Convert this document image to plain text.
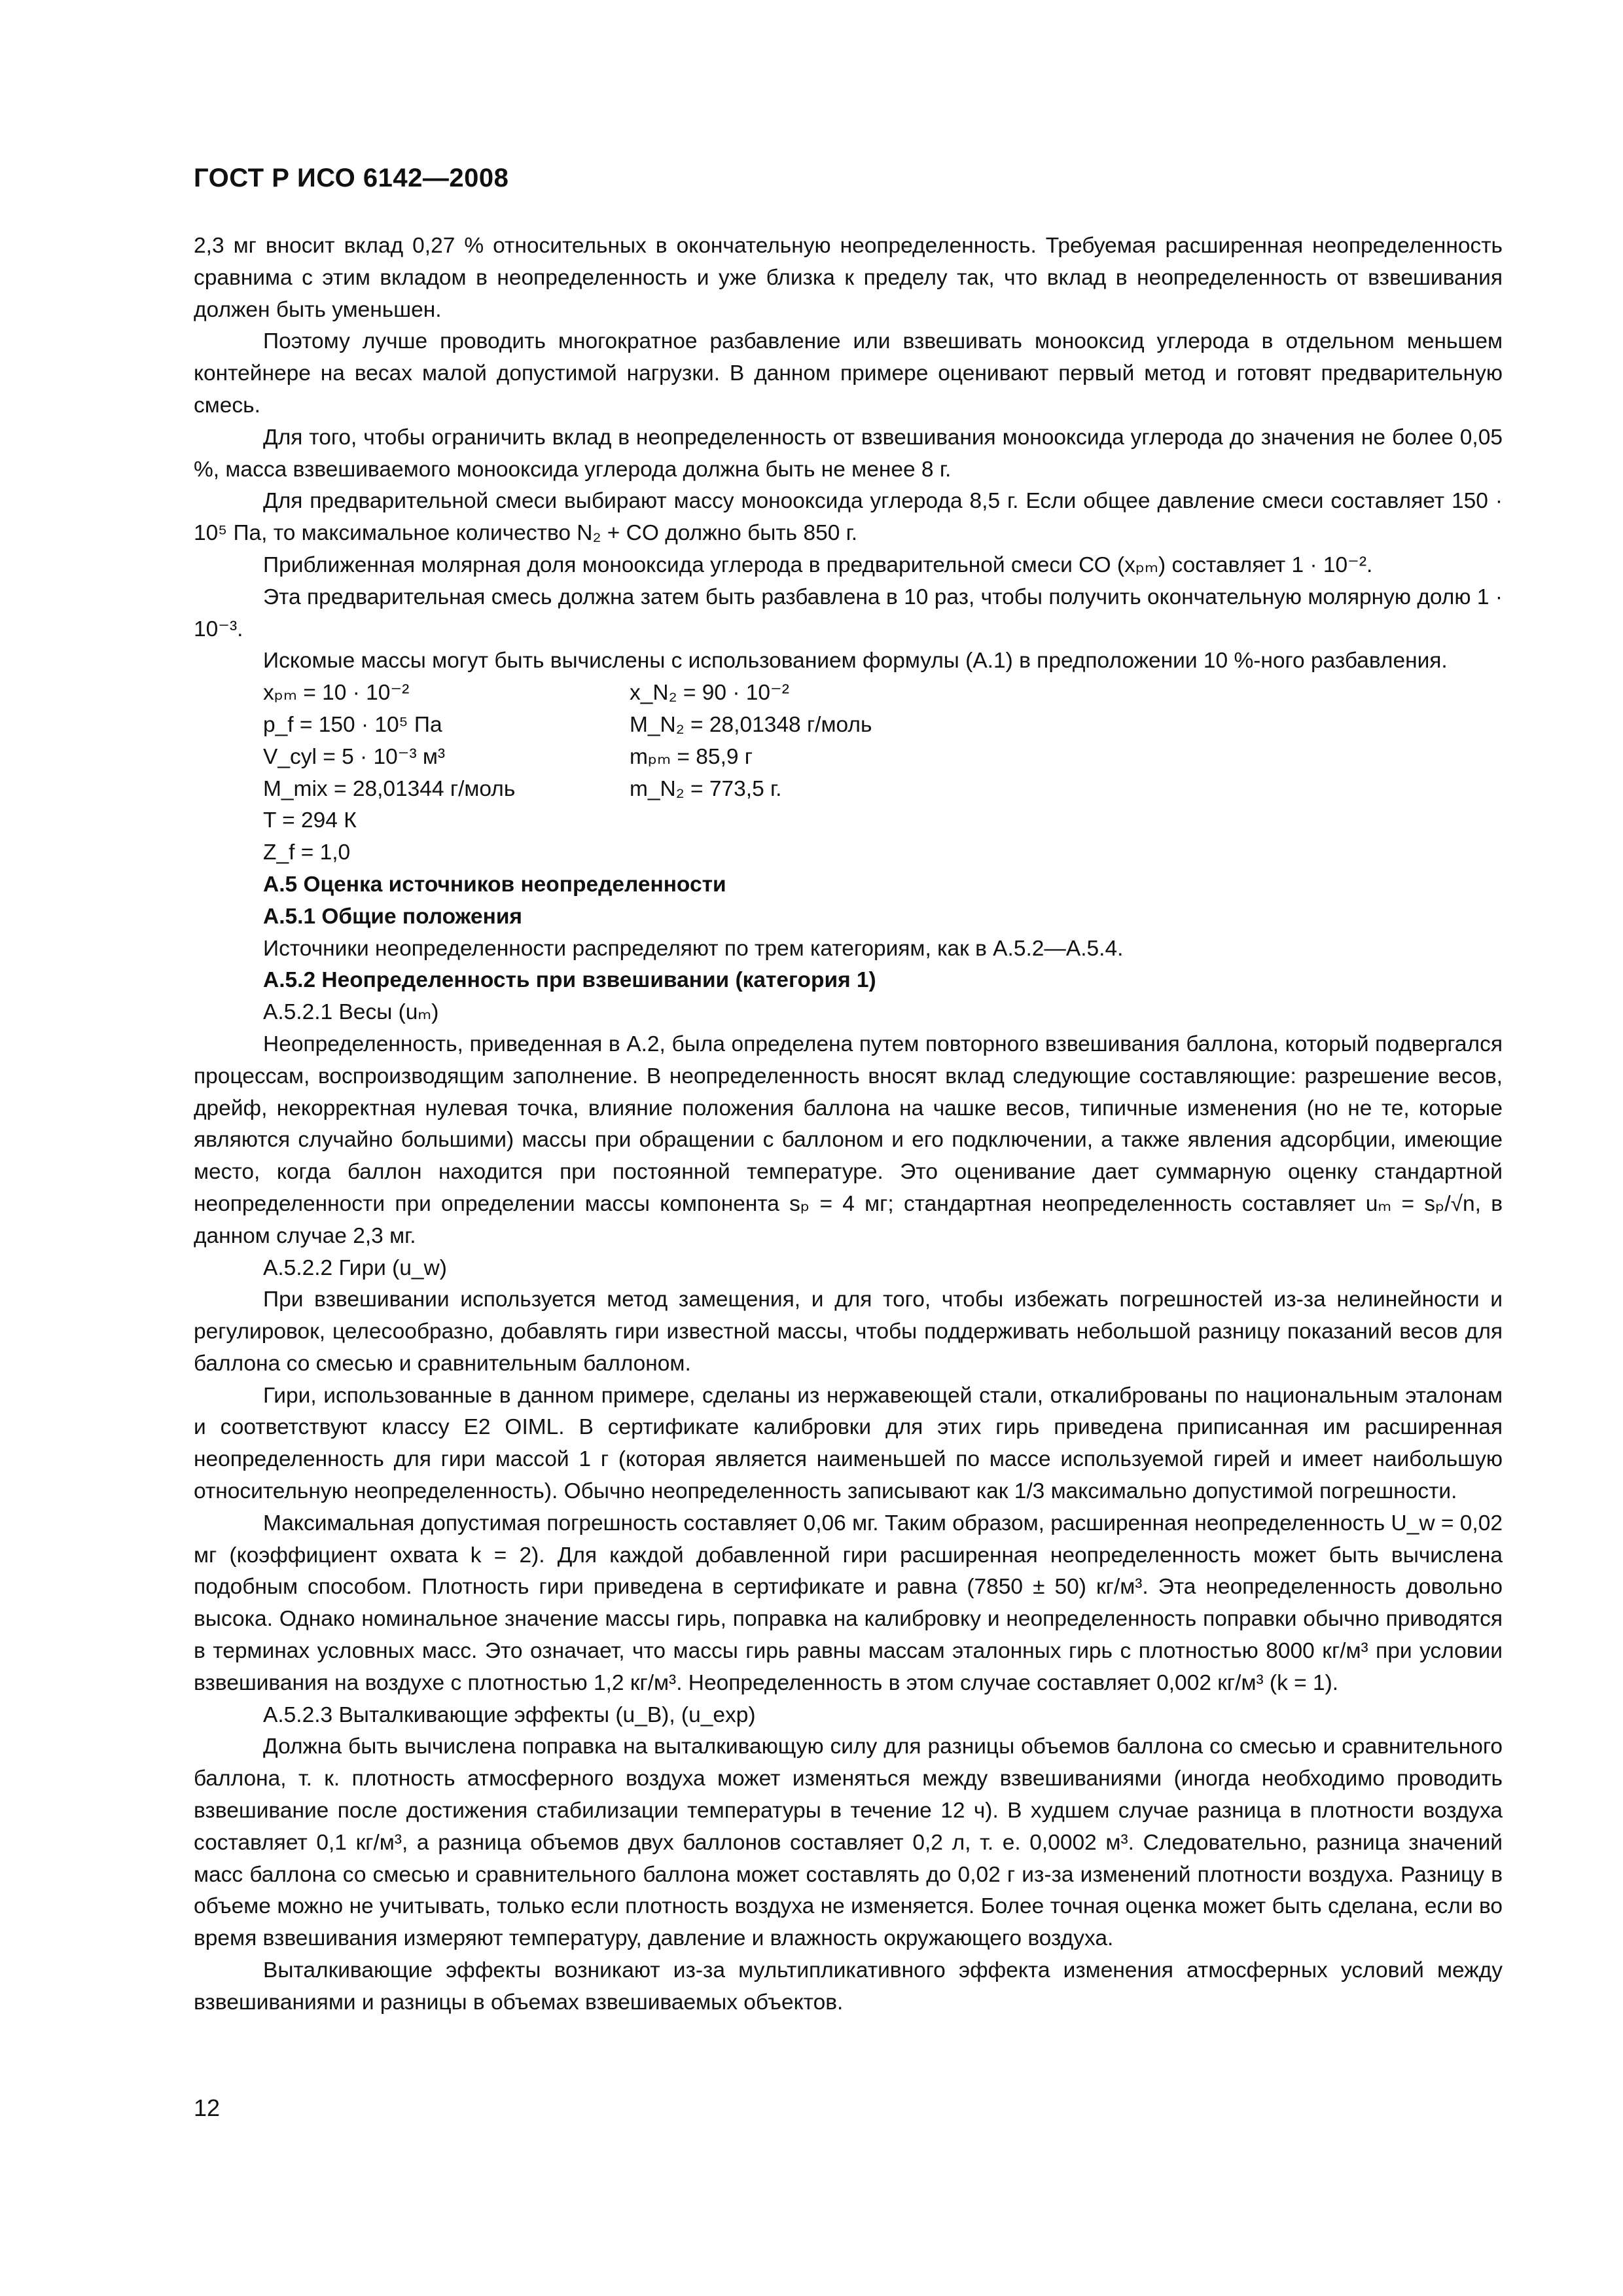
ГОСТ Р ИСО 6142—2008

2,3 мг вносит вклад 0,27 % относительных в окончательную неопределенность. Требуемая расширенная неопределенность сравнима с этим вкладом в неопределенность и уже близка к пределу так, что вклад в неопределенность от взвешивания должен быть уменьшен.

Поэтому лучше проводить многократное разбавление или взвешивать монооксид углерода в отдельном меньшем контейнере на весах малой допустимой нагрузки. В данном примере оценивают первый метод и готовят предварительную смесь.

Для того, чтобы ограничить вклад в неопределенность от взвешивания монооксида углерода до значения не более 0,05 %, масса взвешиваемого монооксида углерода должна быть не менее 8 г.

Для предварительной смеси выбирают массу монооксида углерода 8,5 г. Если общее давление смеси составляет 150 · 10⁵ Па, то максимальное количество N₂ + CO должно быть 850 г.

Приближенная молярная доля монооксида углерода в предварительной смеси СО (xₚₘ) составляет 1 · 10⁻².

Эта предварительная смесь должна затем быть разбавлена в 10 раз, чтобы получить окончательную молярную долю 1 · 10⁻³.

Искомые массы могут быть вычислены с использованием формулы (А.1) в предположении 10 %-ного разбавления.

xₚₘ = 10 · 10⁻²	x_N₂ = 90 · 10⁻²
p_f = 150 · 10⁵ Па	M_N₂ = 28,01348 г/моль
V_cyl = 5 · 10⁻³ м³	mₚₘ = 85,9 г
M_mix = 28,01344 г/моль	m_N₂ = 773,5 г.
T = 294 К
Z_f = 1,0

А.5 Оценка источников неопределенности

А.5.1 Общие положения

Источники неопределенности распределяют по трем категориям, как в А.5.2—А.5.4.

А.5.2 Неопределенность при взвешивании (категория 1)

А.5.2.1 Весы (uₘ)

Неопределенность, приведенная в А.2, была определена путем повторного взвешивания баллона, который подвергался процессам, воспроизводящим заполнение. В неопределенность вносят вклад следующие составляющие: разрешение весов, дрейф, некорректная нулевая точка, влияние положения баллона на чашке весов, типичные изменения (но не те, которые являются случайно большими) массы при обращении с баллоном и его подключении, а также явления адсорбции, имеющие место, когда баллон находится при постоянной температуре. Это оценивание дает суммарную оценку стандартной неопределенности при определении массы компонента sₚ = 4 мг; стандартная неопределенность составляет uₘ = sₚ/√n, в данном случае 2,3 мг.

А.5.2.2 Гири (u_w)

При взвешивании используется метод замещения, и для того, чтобы избежать погрешностей из-за нелинейности и регулировок, целесообразно, добавлять гири известной массы, чтобы поддерживать небольшой разницу показаний весов для баллона со смесью и сравнительным баллоном.

Гири, использованные в данном примере, сделаны из нержавеющей стали, откалиброваны по национальным эталонам и соответствуют классу Е2 OIML. В сертификате калибровки для этих гирь приведена приписанная им расширенная неопределенность для гири массой 1 г (которая является наименьшей по массе используемой гирей и имеет наибольшую относительную неопределенность). Обычно неопределенность записывают как 1/3 максимально допустимой погрешности.

Максимальная допустимая погрешность составляет 0,06 мг. Таким образом, расширенная неопределенность U_w = 0,02 мг (коэффициент охвата k = 2). Для каждой добавленной гири расширенная неопределенность может быть вычислена подобным способом. Плотность гири приведена в сертификате и равна (7850 ± 50) кг/м³. Эта неопределенность довольно высока. Однако номинальное значение массы гирь, поправка на калибровку и неопределенность поправки обычно приводятся в терминах условных масс. Это означает, что массы гирь равны массам эталонных гирь с плотностью 8000 кг/м³ при условии взвешивания на воздухе с плотностью 1,2 кг/м³. Неопределенность в этом случае составляет 0,002 кг/м³ (k = 1).

А.5.2.3 Выталкивающие эффекты (u_B), (u_exp)

Должна быть вычислена поправка на выталкивающую силу для разницы объемов баллона со смесью и сравнительного баллона, т. к. плотность атмосферного воздуха может изменяться между взвешиваниями (иногда необходимо проводить взвешивание после достижения стабилизации температуры в течение 12 ч). В худшем случае разница в плотности воздуха составляет 0,1 кг/м³, а разница объемов двух баллонов составляет 0,2 л, т. е. 0,0002 м³. Следовательно, разница значений масс баллона со смесью и сравнительного баллона может составлять до 0,02 г из-за изменений плотности воздуха. Разницу в объеме можно не учитывать, только если плотность воздуха не изменяется. Более точная оценка может быть сделана, если во время взвешивания измеряют температуру, давление и влажность окружающего воздуха.

Выталкивающие эффекты возникают из-за мультипликативного эффекта изменения атмосферных условий между взвешиваниями и разницы в объемах взвешиваемых объектов.

12
